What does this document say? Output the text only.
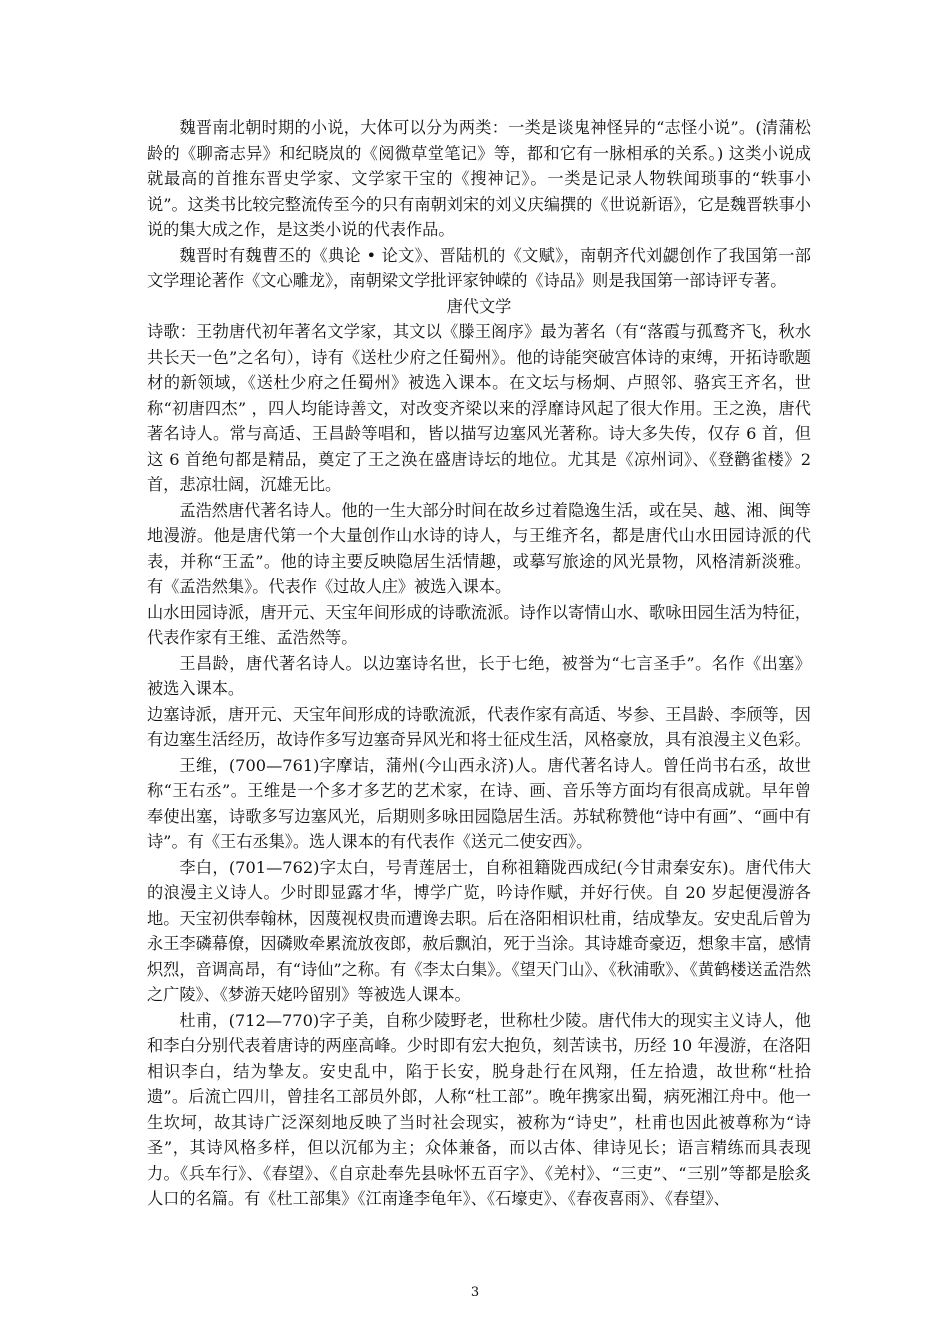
魏晋南北朝时期的小说，大体可以分为两类：一类是谈鬼神怪异的“志怪小说”。(清蒲松龄的《聊斋志异》和纪晓岚的《阅微草堂笔记》等，都和它有一脉相承的关系。) 这类小说成就最高的首推东晋史学家、文学家干宝的《搜神记》。一类是记录人物轶闻琐事的“轶事小说”。这类书比较完整流传至今的只有南朝刘宋的刘义庆编撰的《世说新语》，它是魏晋轶事小说的集大成之作，是这类小说的代表作品。

魏晋时有魏曹丕的《典论 • 论文》、晋陆机的《文赋》，南朝齐代刘勰创作了我国第一部文学理论著作《文心雕龙》，南朝梁文学批评家钟嵘的《诗品》则是我国第一部诗评专著。

唐代文学

诗歌：王勃唐代初年著名文学家，其文以《滕王阁序》最为著名（有“落霞与孤鹜齐飞，秋水共长天一色”之名句），诗有《送杜少府之任蜀州》。他的诗能突破宫体诗的束缚，开拓诗歌题材的新领域，《送杜少府之任蜀州》被选入课本。在文坛与杨炯、卢照邻、骆宾王齐名，世称“初唐四杰” ，四人均能诗善文，对改变齐梁以来的浮靡诗风起了很大作用。王之涣，唐代著名诗人。常与高适、王昌龄等唱和，皆以描写边塞风光著称。诗大多失传，仅存 6 首，但这 6 首绝句都是精品，奠定了王之涣在盛唐诗坛的地位。尤其是《凉州词》、《登鹳雀楼》2 首，悲凉壮阔，沉雄无比。

孟浩然唐代著名诗人。他的一生大部分时间在故乡过着隐逸生活，或在吴、越、湘、闽等地漫游。他是唐代第一个大量创作山水诗的诗人，与王维齐名，都是唐代山水田园诗派的代表，并称“王孟”。他的诗主要反映隐居生活情趣，或摹写旅途的风光景物，风格清新淡雅。有《孟浩然集》。代表作《过故人庄》被选入课本。

山水田园诗派，唐开元、天宝年间形成的诗歌流派。诗作以寄情山水、歌咏田园生活为特征，代表作家有王维、孟浩然等。

王昌龄，唐代著名诗人。以边塞诗名世，长于七绝，被誉为“七言圣手”。名作《出塞》被选入课本。

边塞诗派，唐开元、天宝年间形成的诗歌流派，代表作家有高适、岑参、王昌龄、李颀等，因有边塞生活经历，故诗作多写边塞奇异风光和将士征戍生活，风格豪放，具有浪漫主义色彩。

王维，(700—761)字摩诘，蒲州(今山西永济)人。唐代著名诗人。曾任尚书右丞，故世称“王右丞”。王维是一个多才多艺的艺术家，在诗、画、音乐等方面均有很高成就。早年曾奉使出塞，诗歌多写边塞风光，后期则多咏田园隐居生活。苏轼称赞他“诗中有画”、“画中有诗”。有《王右丞集》。选人课本的有代表作《送元二使安西》。

李白，(701—762)字太白，号青莲居士，自称祖籍陇西成纪(今甘肃秦安东)。唐代伟大的浪漫主义诗人。少时即显露才华，博学广览，吟诗作赋，并好行侠。自 20 岁起便漫游各地。天宝初供奉翰林，因蔑视权贵而遭谗去职。后在洛阳相识杜甫，结成挚友。安史乱后曾为永王李磷幕僚，因磷败牵累流放夜郎，赦后飘泊，死于当涂。其诗雄奇豪迈，想象丰富，感情炽烈，音调高昂，有“诗仙”之称。有《李太白集》。《望天门山》、《秋浦歌》、《黄鹤楼送孟浩然之广陵》、《梦游天姥吟留别》等被选人课本。

杜甫，(712—770)字子美，自称少陵野老，世称杜少陵。唐代伟大的现实主义诗人，他和李白分别代表着唐诗的两座高峰。少时即有宏大抱负，刻苦读书，历经 10 年漫游，在洛阳相识李白，结为挚友。安史乱中，陷于长安，脱身赴行在风翔，任左拾遗，故世称“杜拾遗”。后流亡四川，曾挂名工部员外郎，人称“杜工部”。晚年携家出蜀，病死湘江舟中。他一生坎坷，故其诗广泛深刻地反映了当时社会现实，被称为“诗史”，杜甫也因此被尊称为“诗圣”，其诗风格多样，但以沉郁为主；众体兼备，而以古体、律诗见长；语言精练而具表现力。《兵车行》、《春望》、《自京赴奉先县咏怀五百字》、《羌村》、“三吏”、“三别”等都是脍炙人口的名篇。有《杜工部集》《江南逢李龟年》、《石壕吏》、《春夜喜雨》、《春望》、

3
